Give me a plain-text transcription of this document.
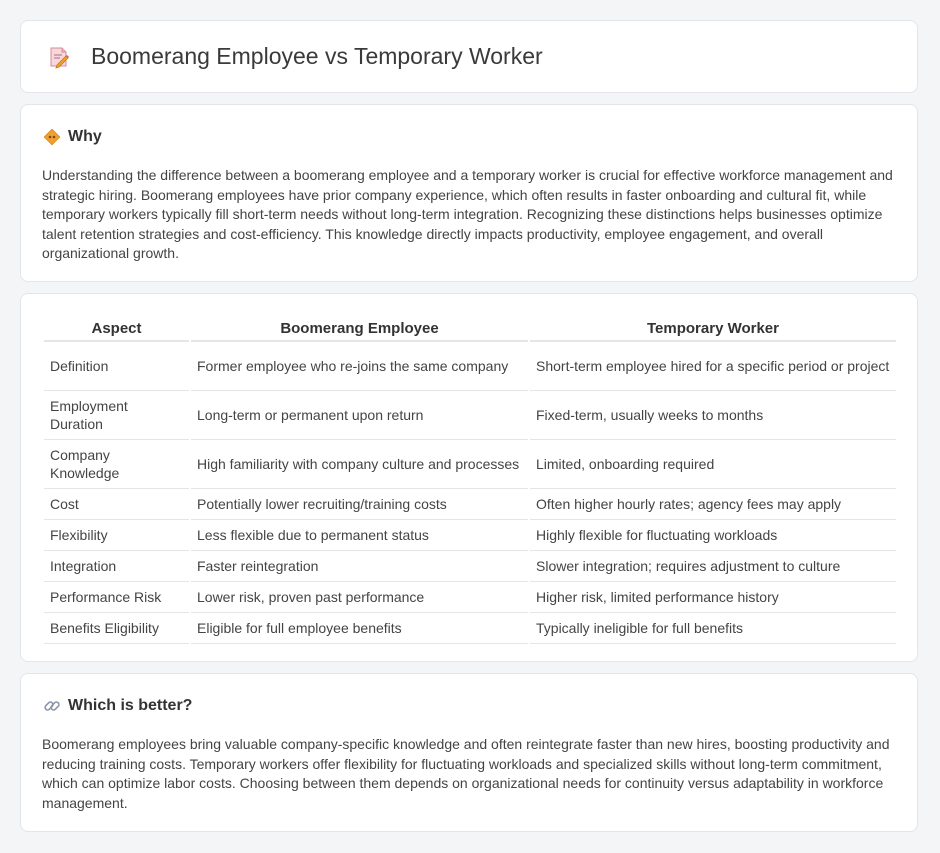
Boomerang Employee vs Temporary Worker
Why

Understanding the difference between a boomerang employee and a temporary worker is crucial for effective workforce management and strategic hiring. Boomerang employees have prior company experience, which often results in faster onboarding and cultural fit, while temporary workers typically fill short-term needs without long-term integration. Recognizing these distinctions helps businesses optimize talent retention strategies and cost-efficiency. This knowledge directly impacts productivity, employee engagement, and overall organizational growth.

Aspect	Boomerang Employee	Temporary Worker
Definition	Former employee who re-joins the same company	Short-term employee hired for a specific period or project
Employment Duration	Long-term or permanent upon return	Fixed-term, usually weeks to months
Company Knowledge	High familiarity with company culture and processes	Limited, onboarding required
Cost	Potentially lower recruiting/training costs	Often higher hourly rates; agency fees may apply
Flexibility	Less flexible due to permanent status	Highly flexible for fluctuating workloads
Integration	Faster reintegration	Slower integration; requires adjustment to culture
Performance Risk	Lower risk, proven past performance	Higher risk, limited performance history
Benefits Eligibility	Eligible for full employee benefits	Typically ineligible for full benefits
Which is better?

Boomerang employees bring valuable company-specific knowledge and often reintegrate faster than new hires, boosting productivity and reducing training costs. Temporary workers offer flexibility for fluctuating workloads and specialized skills without long-term commitment, which can optimize labor costs. Choosing between them depends on organizational needs for continuity versus adaptability in workforce management.
